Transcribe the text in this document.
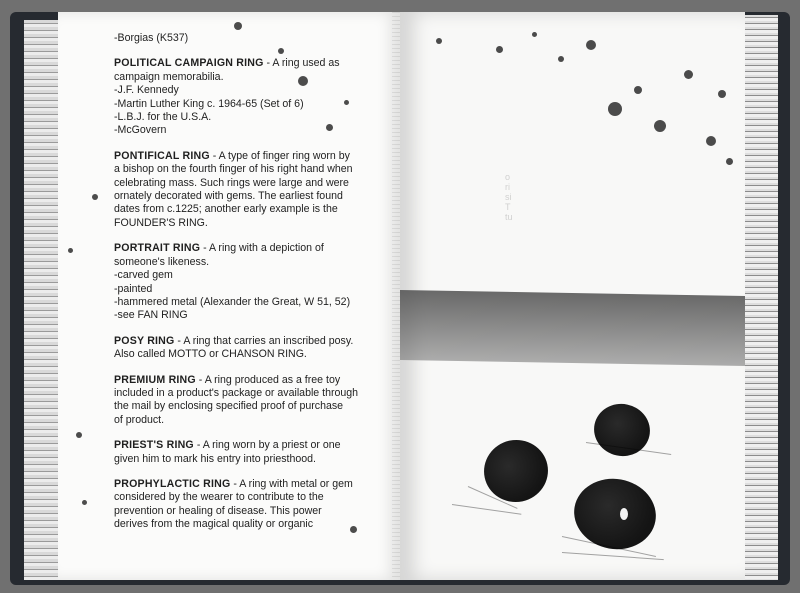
-Borgias (K537)

POLITICAL CAMPAIGN RING - A ring used as

campaign memorabilia.

-J.F. Kennedy

-Martin Luther King c. 1964-65 (Set of 6)

-L.B.J. for the U.S.A.

-McGovern

PONTIFICAL RING - A type of finger ring worn by

a bishop on the fourth finger of his right hand when

celebrating mass. Such rings were large and were

ornately decorated with gems. The earliest found

dates from c.1225; another early example is the

FOUNDER'S RING.

PORTRAIT RING - A ring with a depiction of

someone's likeness.

-carved gem

-painted

-hammered metal (Alexander the Great, W 51, 52)

-see FAN RING

POSY RING - A ring that carries an inscribed posy.

Also called MOTTO or CHANSON RING.

PREMIUM RING - A ring produced as a free toy

included in a product's package or available through

the mail by enclosing specified proof of purchase

of product.

PRIEST'S RING - A ring worn by a priest or one

given him to mark his entry into priesthood.

PROPHYLACTIC RING - A ring with metal or gem

considered by the wearer to contribute to the

prevention or healing of disease. This power

derives from the magical quality or organic

o
ri
si
T
tu
